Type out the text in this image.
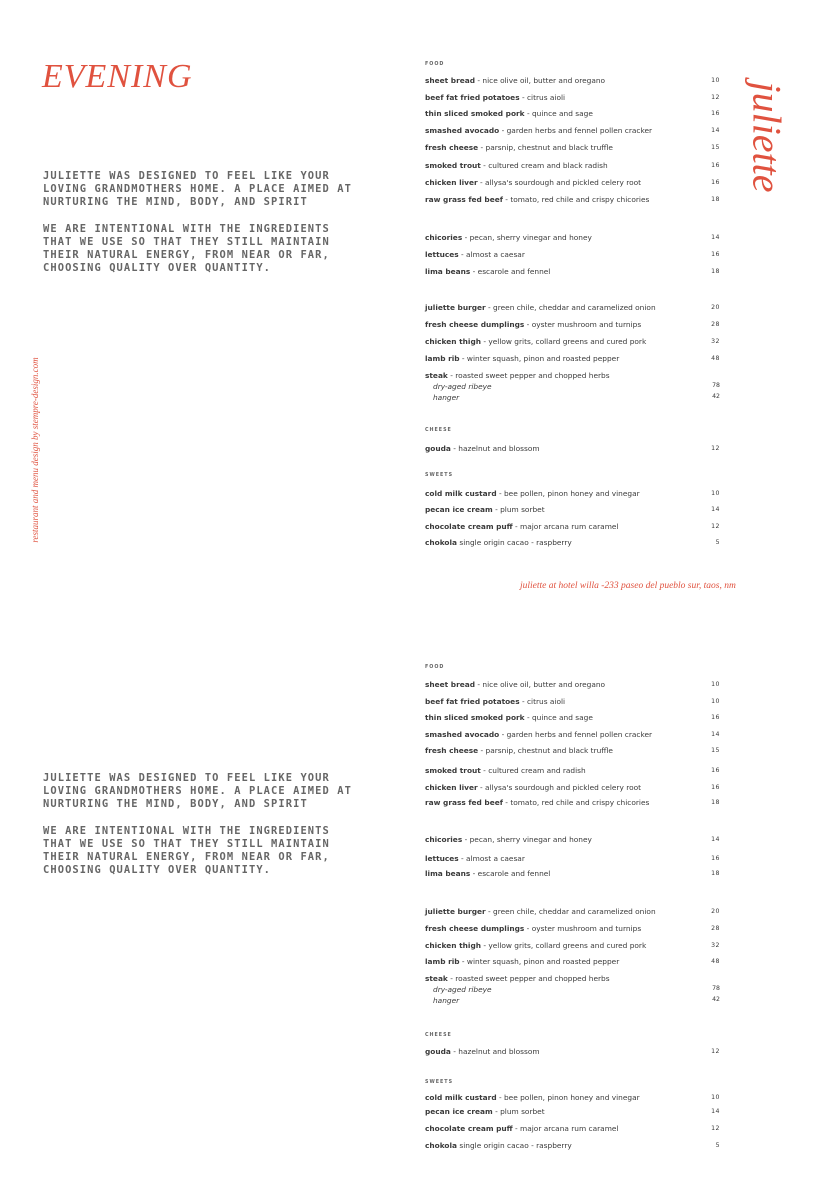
EVENING
juliette
restaurant and menu design by stempre-design.com

JULIETTE WAS DESIGNED TO FEEL LIKE YOUR LOVING GRANDMOTHERS HOME. A PLACE AIMED AT NURTURING THE MIND, BODY, AND SPIRIT

WE ARE INTENTIONAL WITH THE INGREDIENTS THAT WE USE SO THAT THEY STILL MAINTAIN THEIR NATURAL ENERGY, FROM NEAR OR FAR, CHOOSING QUALITY OVER QUANTITY.

JULIETTE WAS DESIGNED TO FEEL LIKE YOUR LOVING GRANDMOTHERS HOME. A PLACE AIMED AT NURTURING THE MIND, BODY, AND SPIRIT

WE ARE INTENTIONAL WITH THE INGREDIENTS THAT WE USE SO THAT THEY STILL MAINTAIN THEIR NATURAL ENERGY, FROM NEAR OR FAR, CHOOSING QUALITY OVER QUANTITY.

FOOD
sheet bread - nice olive oil, butter and oregano	10
beef fat fried potatoes - citrus aioli	12
thin sliced smoked pork - quince and sage	16
smashed avocado - garden herbs and fennel pollen cracker	14
fresh cheese - parsnip, chestnut and black truffle	15
smoked trout - cultured cream and black radish	16
chicken liver - allysa's sourdough and pickled celery root	16
raw grass fed beef - tomato, red chile and crispy chicories	18
chicories - pecan, sherry vinegar and honey	14
lettuces - almost a caesar	16
lima beans - escarole and fennel	18
juliette burger - green chile, cheddar and caramelized onion	20
fresh cheese dumplings - oyster mushroom and turnips	28
chicken thigh - yellow grits, collard greens and cured pork	32
lamb rib - winter squash, pinon and roasted pepper	48
steak - roasted sweet pepper and chopped herbs
dry-aged ribeye	78
hanger	42
CHEESE
gouda - hazelnut and blossom	12
SWEETS
cold milk custard - bee pollen, pinon honey and vinegar	10
pecan ice cream - plum sorbet	14
chocolate cream puff - major arcana rum caramel	12
chokola single origin cacao - raspberry	5
FOOD
sheet bread - nice olive oil, butter and oregano	10
beef fat fried potatoes - citrus aioli	10
thin sliced smoked pork - quince and sage	16
smashed avocado - garden herbs and fennel pollen cracker	14
fresh cheese - parsnip, chestnut and black truffle	15
smoked trout - cultured cream and radish	16
chicken liver - allysa's sourdough and pickled celery root	16
raw grass fed beef - tomato, red chile and crispy chicories	18
chicories - pecan, sherry vinegar and honey	14
lettuces - almost a caesar	16
lima beans - escarole and fennel	18
juliette burger - green chile, cheddar and caramelized onion	20
fresh cheese dumplings - oyster mushroom and turnips	28
chicken thigh - yellow grits, collard greens and cured pork	32
lamb rib - winter squash, pinon and roasted pepper	48
steak - roasted sweet pepper and chopped herbs
dry-aged ribeye	78
hanger	42
CHEESE
gouda - hazelnut and blossom	12
SWEETS
cold milk custard - bee pollen, pinon honey and vinegar	10
pecan ice cream - plum sorbet	14
chocolate cream puff - major arcana rum caramel	12
chokola single origin cacao - raspberry	5
juliette at hotel willa -233 paseo del pueblo sur, taos, nm
